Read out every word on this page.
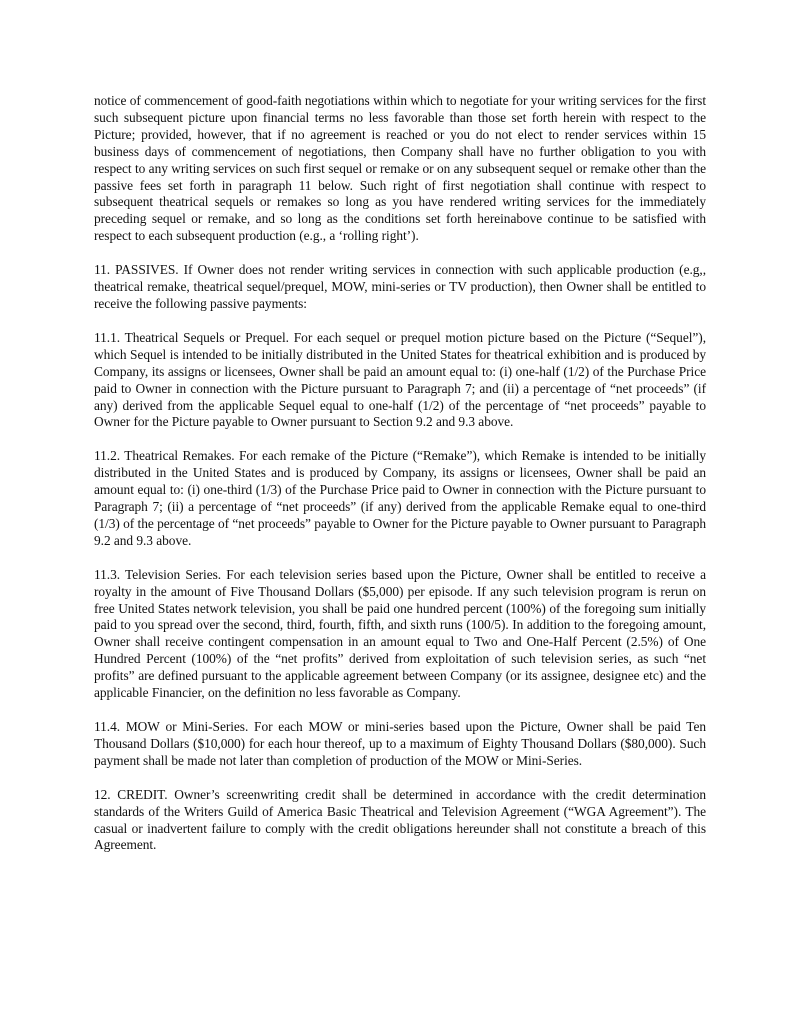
notice of commencement of good-faith negotiations within which to negotiate for your writing services for the first such subsequent picture upon financial terms no less favorable than those set forth herein with respect to the Picture; provided, however, that if no agreement is reached or you do not elect to render services within 15 business days of commencement of negotiations, then Company shall have no further obligation to you with respect to any writing services on such first sequel or remake or on any subsequent sequel or remake other than the passive fees set forth in paragraph 11 below. Such right of first negotiation shall continue with respect to subsequent theatrical sequels or remakes so long as you have rendered writing services for the immediately preceding sequel or remake, and so long as the conditions set forth hereinabove continue to be satisfied with respect to each subsequent production (e.g., a ‘rolling right’).

11. PASSIVES. If Owner does not render writing services in connection with such applicable production (e.g,, theatrical remake, theatrical sequel/prequel, MOW, mini-series or TV production), then Owner shall be entitled to receive the following passive payments:

11.1. Theatrical Sequels or Prequel. For each sequel or prequel motion picture based on the Picture (“Sequel”), which Sequel is intended to be initially distributed in the United States for theatrical exhibition and is produced by Company, its assigns or licensees, Owner shall be paid an amount equal to: (i) one-half (1/2) of the Purchase Price paid to Owner in connection with the Picture pursuant to Paragraph 7; and (ii) a percentage of “net proceeds” (if any) derived from the applicable Sequel equal to one-half (1/2) of the percentage of “net proceeds” payable to Owner for the Picture payable to Owner pursuant to Section 9.2 and 9.3 above.

11.2. Theatrical Remakes. For each remake of the Picture (“Remake”), which Remake is intended to be initially distributed in the United States and is produced by Company, its assigns or licensees, Owner shall be paid an amount equal to: (i) one-third (1/3) of the Purchase Price paid to Owner in connection with the Picture pursuant to Paragraph 7; (ii) a percentage of “net proceeds” (if any) derived from the applicable Remake equal to one-third (1/3) of the percentage of “net proceeds” payable to Owner for the Picture payable to Owner pursuant to Paragraph 9.2 and 9.3 above.

11.3. Television Series. For each television series based upon the Picture, Owner shall be entitled to receive a royalty in the amount of Five Thousand Dollars ($5,000) per episode. If any such television program is rerun on free United States network television, you shall be paid one hundred percent (100%) of the foregoing sum initially paid to you spread over the second, third, fourth, fifth, and sixth runs (100/5). In addition to the foregoing amount, Owner shall receive contingent compensation in an amount equal to Two and One-Half Percent (2.5%) of One Hundred Percent (100%) of the “net profits” derived from exploitation of such television series, as such “net profits” are defined pursuant to the applicable agreement between Company (or its assignee, designee etc) and the applicable Financier, on the definition no less favorable as Company.

11.4. MOW or Mini-Series. For each MOW or mini-series based upon the Picture, Owner shall be paid Ten Thousand Dollars ($10,000) for each hour thereof, up to a maximum of Eighty Thousand Dollars ($80,000). Such payment shall be made not later than completion of production of the MOW or Mini-Series.

12. CREDIT. Owner’s screenwriting credit shall be determined in accordance with the credit determination standards of the Writers Guild of America Basic Theatrical and Television Agreement (“WGA Agreement”). The casual or inadvertent failure to comply with the credit obligations hereunder shall not constitute a breach of this Agreement.
